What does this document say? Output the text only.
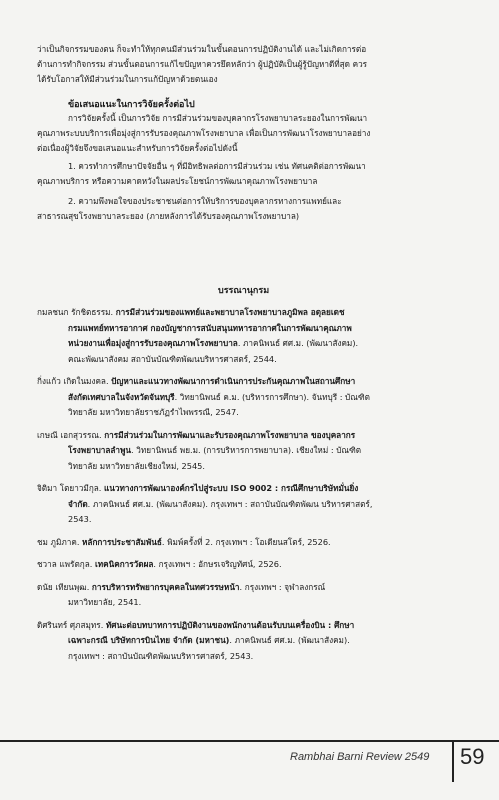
ว่าเป็นกิจกรรมของตน ก็จะทำให้ทุกคนมีส่วนร่วมในขั้นตอนการปฏิบัติงานได้ และไม่เกิดการต่อ
ต้านการทำกิจกรรม ส่วนขั้นตอนการแก้ไขปัญหาควรยึดหลักว่า ผู้ปฏิบัติเป็นผู้รู้ปัญหาดีที่สุด ควร
ได้รับโอกาสให้มีส่วนร่วมในการแก้ปัญหาด้วยตนเอง
ข้อเสนอแนะในการวิจัยครั้งต่อไป
การวิจัยครั้งนี้ เป็นการวิจัย การมีส่วนร่วมของบุคลากรโรงพยาบาลระยองในการพัฒนา
คุณภาพระบบบริการเพื่อมุ่งสู่การรับรองคุณภาพโรงพยาบาล เพื่อเป็นการพัฒนาโรงพยาบาลอย่าง
ต่อเนื่องผู้วิจัยจึงขอเสนอแนะสำหรับการวิจัยครั้งต่อไปดังนี้
1. ควรทำการศึกษาปัจจัยอื่น ๆ ที่มีอิทธิพลต่อการมีส่วนร่วม เช่น ทัศนคติต่อการพัฒนา
คุณภาพบริการ หรือความคาดหวังในผลประโยชน์การพัฒนาคุณภาพโรงพยาบาล
2. ความพึงพอใจของประชาชนต่อการให้บริการของบุคลากรทางการแพทย์และ
สาธารณสุขโรงพยาบาลระยอง (ภายหลังการได้รับรองคุณภาพโรงพยาบาล)
บรรณานุกรม
กมลชนก รักชิตธรรม. การมีส่วนร่วมของแพทย์และพยาบาลโรงพยาบาลภูมิพล อดุลยเดช
กรมแพทย์ทหารอากาศ กองบัญชาการสนับสนุนทหารอากาศในการพัฒนาคุณภาพ
หน่วยงานเพื่อมุ่งสู่การรับรองคุณภาพโรงพยาบาล. ภาคนิพนธ์ ศศ.ม. (พัฒนาสังคม).
คณะพัฒนาสังคม สถาบันบัณฑิตพัฒนบริหารศาสตร์, 2544.
กิ่งแก้ว เกิดในมงคล. ปัญหาและแนวทางพัฒนาการดำเนินการประกันคุณภาพในสถานศึกษา
สังกัดเทศบาลในจังหวัดจันทบุรี. วิทยานิพนธ์ ค.ม. (บริหารการศึกษา). จันทบุรี : บัณฑิต
วิทยาลัย มหาวิทยาลัยราชภัฏรำไพพรรณี, 2547.
เกษณี เอกสุวรรณ. การมีส่วนร่วมในการพัฒนาและรับรองคุณภาพโรงพยาบาล ของบุคลากร
โรงพยาบาลลำพูน. วิทยานิพนธ์ พย.ม. (การบริหารการพยาบาล). เชียงใหม่ : บัณฑิต
วิทยาลัย มหาวิทยาลัยเชียงใหม่, 2545.
จิติมา โตยาวมีกุล. แนวทางการพัฒนาองค์กรไปสู่ระบบ ISO 9002 : กรณีศึกษาบริษัทมั่นยิ่ง
จำกัด. ภาคนิพนธ์ ศศ.ม. (พัฒนาสังคม). กรุงเทพฯ : สถาบันบัณฑิตพัฒน บริหารศาสตร์,
2543.
ชม ภูมิภาค. หลักการประชาสัมพันธ์. พิมพ์ครั้งที่ 2. กรุงเทพฯ : โอเดียนสโตร์, 2526.
ชวาล แพรัตกุล. เทคนิคการวัดผล. กรุงเทพฯ : อักษรเจริญทัศน์, 2526.
ดนัย เทียนพุฒ. การบริหารทรัพยากรบุคคลในทศวรรษหน้า. กรุงเทพฯ : จุฬาลงกรณ์
มหาวิทยาลัย, 2541.
ดิศรินทร์ ศุภสมุทร. ทัศนะต่อบทบาทการปฏิบัติงานของพนักงานต้อนรับบนเครื่องบิน : ศึกษา
เฉพาะกรณี บริษัทการบินไทย จำกัด (มหาชน). ภาคนิพนธ์ ศศ.ม. (พัฒนาสังคม).
กรุงเทพฯ : สถาบันบัณฑิตพัฒนบริหารศาสตร์, 2543.
Rambhai Barni Review 2549 59
